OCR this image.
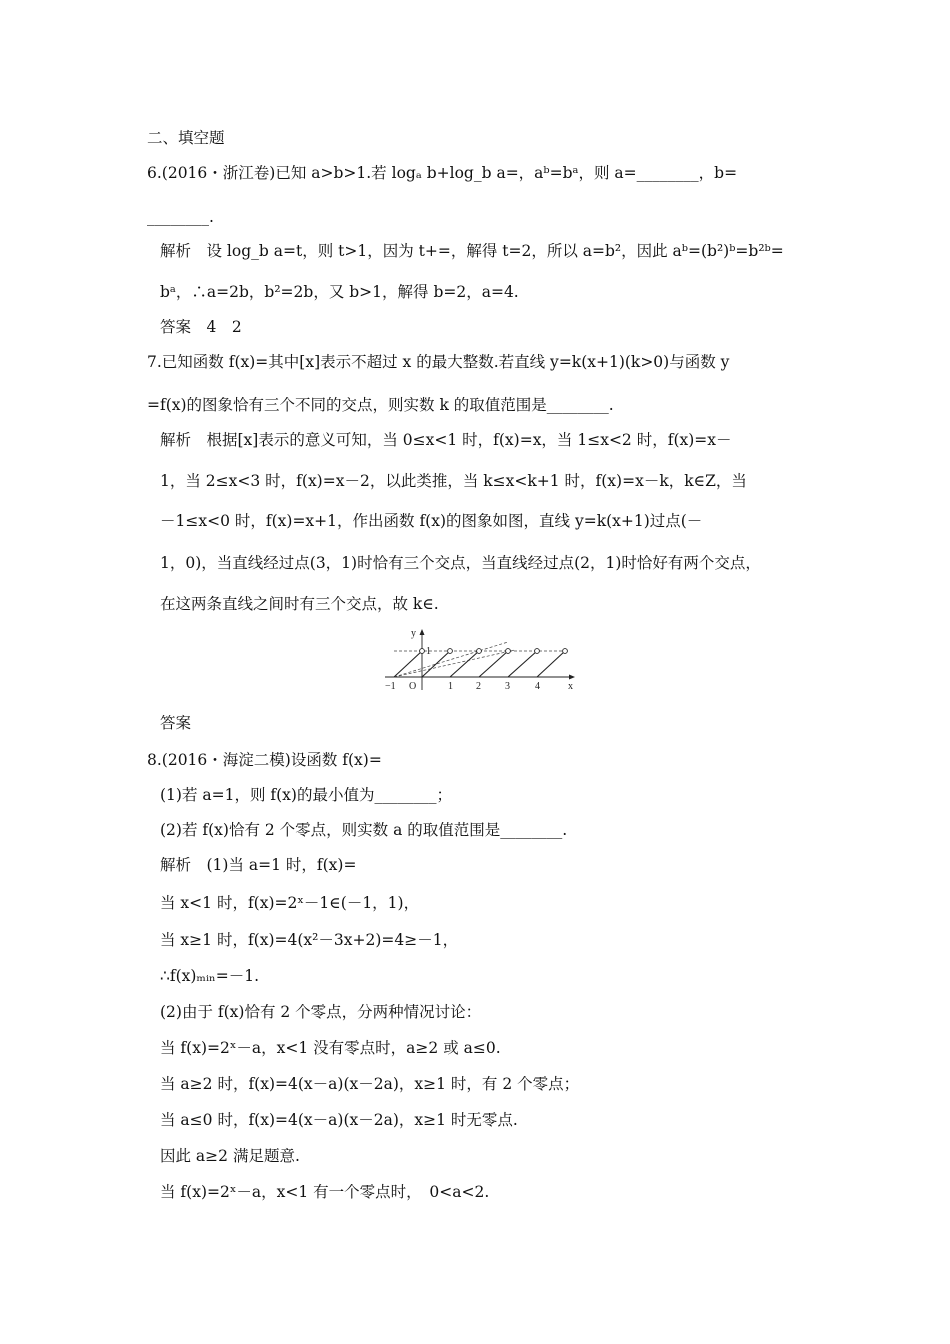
二、填空题
6.(2016・浙江卷)已知 a>b>1.若 logₐ b+log_b a=，aᵇ=bᵃ，则 a=________，b=
________.
解析　设 log_b a=t，则 t>1，因为 t+=，解得 t=2，所以 a=b²，因此 aᵇ=(b²)ᵇ=b²ᵇ=
bᵃ，∴a=2b，b²=2b，又 b>1，解得 b=2，a=4.
答案　4　2
7.已知函数 f(x)=其中[x]表示不超过 x 的最大整数.若直线 y=k(x+1)(k>0)与函数 y
=f(x)的图象恰有三个不同的交点，则实数 k 的取值范围是________.
解析　根据[x]表示的意义可知，当 0≤x<1 时，f(x)=x，当 1≤x<2 时，f(x)=x－
1，当 2≤x<3 时，f(x)=x－2，以此类推，当 k≤x<k+1 时，f(x)=x－k，k∈Z，当
－1≤x<0 时，f(x)=x+1，作出函数 f(x)的图象如图，直线 y=k(x+1)过点(－
1，0)，当直线经过点(3，1)时恰有三个交点，当直线经过点(2，1)时恰好有两个交点，
在这两条直线之间时有三个交点，故 k∈.
y
x
O
1
−1	1 2 3	4
答案
8.(2016・海淀二模)设函数 f(x)=
(1)若 a=1，则 f(x)的最小值为________；
(2)若 f(x)恰有 2 个零点，则实数 a 的取值范围是________.
解析　(1)当 a=1 时，f(x)=
当 x<1 时，f(x)=2ˣ－1∈(－1，1)，
当 x≥1 时，f(x)=4(x²－3x+2)=4≥－1，
∴f(x)ₘᵢₙ=－1.
(2)由于 f(x)恰有 2 个零点，分两种情况讨论：
当 f(x)=2ˣ－a，x<1 没有零点时，a≥2 或 a≤0.
当 a≥2 时，f(x)=4(x－a)(x－2a)，x≥1 时，有 2 个零点；
当 a≤0 时，f(x)=4(x－a)(x－2a)，x≥1 时无零点.
因此 a≥2 满足题意.
当 f(x)=2ˣ－a，x<1 有一个零点时，　0<a<2.
